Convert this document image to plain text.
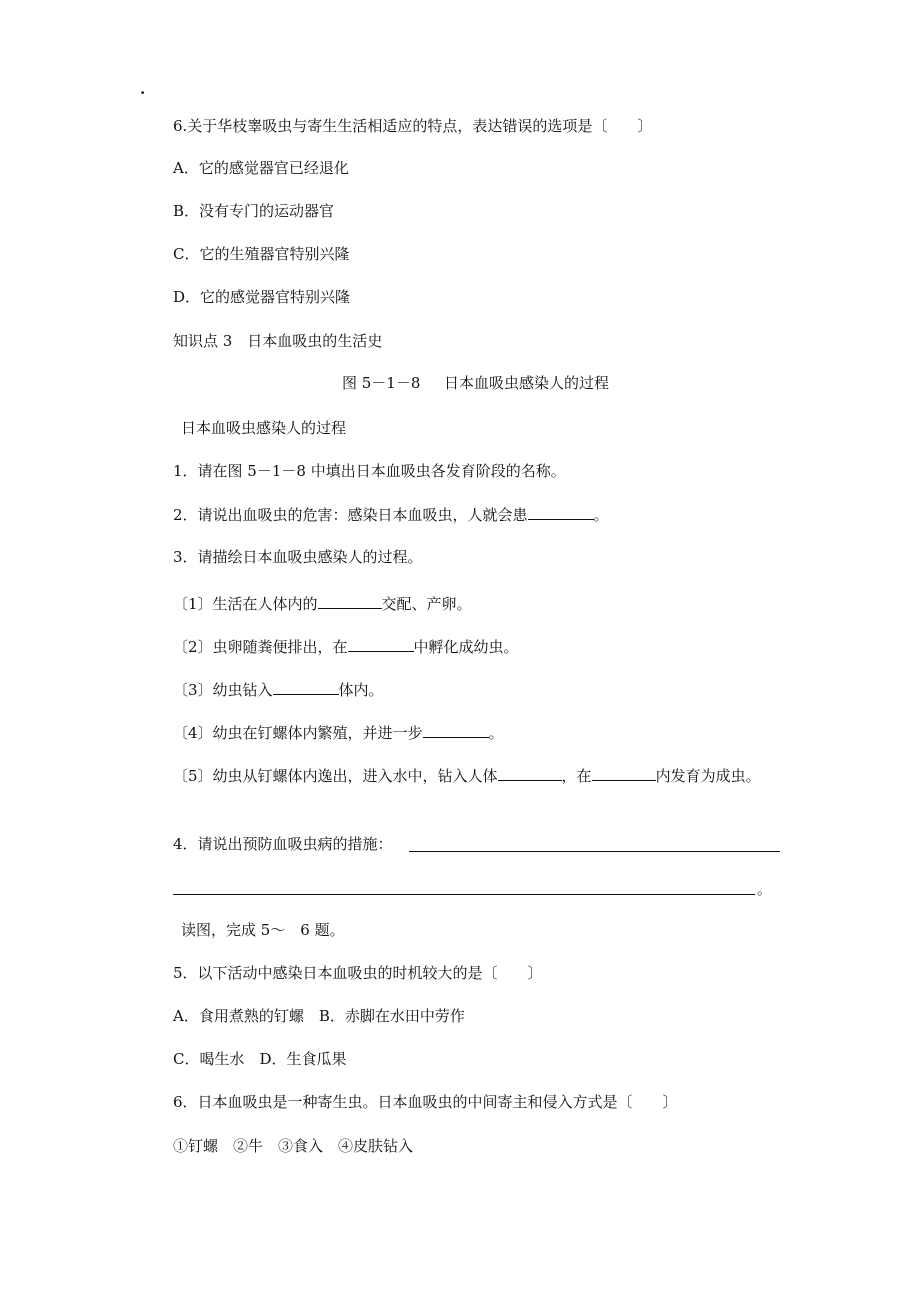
.
6.关于华枝睾吸虫与寄生生活相适应的特点，表达错误的选项是〔　　〕
A．它的感觉器官已经退化
B．没有专门的运动器官
C．它的生殖器官特别兴隆
D．它的感觉器官特别兴隆
知识点 3　日本血吸虫的生活史
图 5－1－8 日本血吸虫感染人的过程
日本血吸虫感染人的过程
1．请在图 5－1－8 中填出日本血吸虫各发育阶段的名称。
2．请说出血吸虫的危害：感染日本血吸虫，人就会患	。
3．请描绘日本血吸虫感染人的过程。
〔1〕生活在人体内的	交配、产卵。
〔2〕虫卵随粪便排出，在	中孵化成幼虫。
〔3〕幼虫钻入	体内。
〔4〕幼虫在钉螺体内繁殖，并进一步	。
〔5〕幼虫从钉螺体内逸出，进入水中，钻入人体	，在	内发育为成虫。
4．请说出预防血吸虫病的措施：
。
读图，完成 5～　6 题。
5．以下活动中感染日本血吸虫的时机较大的是〔　　〕
A．食用煮熟的钉螺　B．赤脚在水田中劳作
C．喝生水　D．生食瓜果
6．日本血吸虫是一种寄生虫。日本血吸虫的中间寄主和侵入方式是〔　　〕
①钉螺　②牛　③食入　④皮肤钻入
